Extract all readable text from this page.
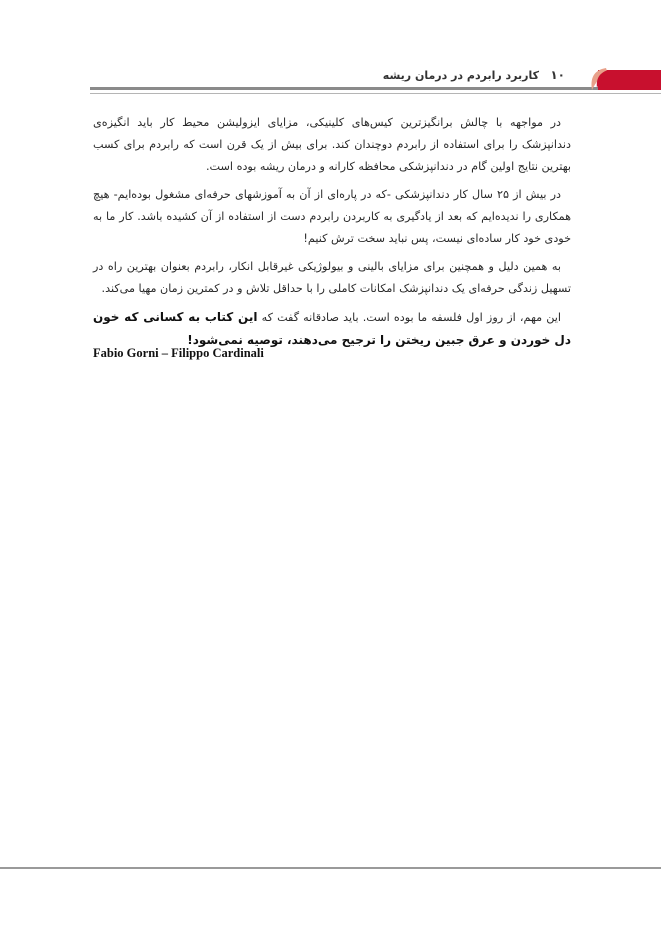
۱۰
کاربرد رابردم در درمان ریشه

در مواجهه با چالش برانگیزترین کیس‌های کلینیکی، مزایای ایزولیشن محیط کار باید انگیزه‌ی دندانپزشک را برای استفاده از رابردم دوچندان کند. برای بیش از یک قرن است که رابردم برای کسب بهترین نتایج اولین گام در دندانپزشکی محافظه کارانه و درمان ریشه بوده است.

در بیش از ۲۵ سال کار دندانپزشکی -که در پاره‌ای از آن به آموزشهای حرفه‌ای مشغول بوده‌ایم- هیچ همکاری را ندیده‌ایم که بعد از یادگیری به کاربردن رابردم دست از استفاده از آن کشیده باشد. کار ما به خودی خود کار ساده‌ای نیست، پس نباید سخت ترش کنیم!

به همین دلیل و همچنین برای مزایای بالینی و بیولوژیکی غیرقابل انکار، رابردم بعنوان بهترین راه در تسهیل زندگی حرفه‌ای یک دندانپزشک امکانات کاملی را با حداقل تلاش و در کمترین زمان مهیا می‌کند.

این مهم، از روز اول فلسفه ما بوده است. باید صادقانه گفت که این کتاب به کسانی که خون دل خوردن و عرق جبین ریختن را ترجیح می‌دهند، توصیه نمی‌شود!

Fabio Gorni – Filippo Cardinali
